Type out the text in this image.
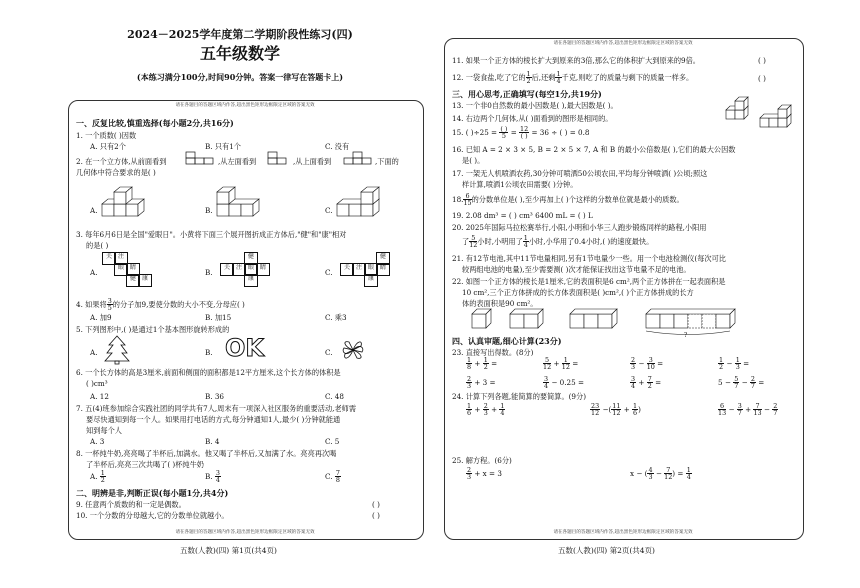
2024－2025学年度第二学期阶段性练习(四)
五年级数学
(本练习满分100分,时间90分钟。答案一律写在答题卡上)
请在各题目的答题区域内作答,超出黑色矩形边框限定区域的答案无效
请在各题目的答题区域内作答,超出黑色矩形边框限定区域的答案无效
一、反复比较,慎重选择(每小题2分,共16分)
1. 一个质数( )因数
A. 只有2个	B. 只有1个	C. 没有
2. 在一个立方体,从前面看到	,从左面看到	,从上面看到	,下面的
几何体中符合要求的是( )
A.	B.	C.
3. 每年6月6日是全国"爱眼日"。小黄将下面三个展开图折成正方体后,"健"和"康"相对
的是( )
A.	B.	C.
关 注
眼 睛
健 康
关 注 眼 睛
健
康
关 注 眼
健
睛
康
4. 如果将 $\frac{3}{5}$ 的分子加9,要使分数的大小不变,分母应( )
A. 加9	B. 加15	C. 乘3
5. 下列图形中,( )是通过1个基本图形旋转形成的
A.	B. OK	C.
6. 一个长方体的高是3厘米,前面和侧面的面积都是12平方厘米,这个长方体的体积是
( )cm³
A. 12	B. 36	C. 48
7. 五(4)班参加综合实践社团的同学共有7人,周末有一项深入社区服务的重要活动,老师需
要尽快通知到每一个人。如果用打电话的方式,每分钟通知1人,最少( )分钟就能通
知到每个人
A. 3	B. 4	C. 5
8. 一杯纯牛奶,亮亮喝了半杯后,加满水。他又喝了半杯后,又加满了水。亮亮再次喝
了半杯后,亮亮三次共喝了( )杯纯牛奶
A. $\frac{1}{2}$	B. $\frac{3}{4}$	C. $\frac{7}{8}$
二、明辨是非,判断正误(每小题1分,共4分)
9. 任意两个质数的和一定是偶数。	( )
10. 一个分数的分母越大,它的分数单位就越小。	( )
五数(人教)(四) 第1页(共4页)
请在各题目的答题区域内作答,超出黑色矩形边框限定区域的答案无效
请在各题目的答题区域内作答,超出黑色矩形边框限定区域的答案无效
11. 如果一个正方体的棱长扩大到原来的3倍,那么它的体积扩大到原来的9倍。	( )
12. 一袋食盐,吃了它的 $\frac{1}{2}$ 后,还剩 $\frac{1}{4}$ 千克,则吃了的质量与剩下的质量一样多。	( )
三、用心思考,正确填写(每空1分,共19分)
13. 一个非0自然数的最小因数是( ),最大因数是( )。
14. 右边两个几何体,从( )面看到的图形是相同的。
15. ( )$\div 25 = \frac{( )}{5} = \frac{12}{( )} = 36$ ÷ ( ) = 0.8
16. 已知 A = 2 × 3 × 5, B = 2 × 5 × 7, A 和 B 的最小公倍数是( ),它们的最大公因数
是( )。
17. 一架无人机喷洒农药,30分钟可喷洒50公顷农田,平均每分钟喷洒( )公顷;照这
样计算,喷洒1公顷农田需要( )分钟。
18. $\frac{6}{15}$ 的分数单位是( ),至少再加上( )个这样的分数单位就是最小的质数。
19. 2.08 dm³ = ( ) cm³ 6400 mL = ( ) L
20. 2025年国际马拉松赛举行,小阳,小明和小华三人跑步锻炼同样的路程,小阳用
了 $\frac{5}{12}$ 小时,小明用了 $\frac{1}{4}$ 小时,小华用了0.4小时,( )的速度最快。
21. 有12节电池,其中11节电量相同,另有1节电量少一些。用一个电池检测仪(每次可比
较两组电池的电量),至少需要测( )次才能保证找出这节电量不足的电池。
22. 如图一个正方体的棱长是1厘米,它的表面积是6 cm²,两个正方体拼在一起表面积是
10 cm²,三个正方体拼成的长方体表面积是( )cm²,( )个正方体拼成的长方
体的表面积是90 cm²。
?
四、认真审题,细心计算(23分)
23. 直接写出得数。(8分)
$\frac{1}{8} + \frac{1}{2}$ =	$\frac{5}{12} + \frac{1}{12}$ =	$\frac{2}{3} - \frac{3}{10}$ =	$\frac{1}{2} - \frac{1}{3}$ =
$\frac{2}{3} + 3$ =	$\frac{3}{4} - 0.25$ =	$\frac{3}{4} + \frac{7}{2}$ =	$5 - \frac{5}{7} - \frac{2}{7}$ =
24. 计算下列各题,能简算的要简算。(9分)
$\frac{1}{6} + \frac{2}{3} + \frac{1}{4}$	$\frac{23}{12}$ −( $\frac{11}{12} + \frac{1}{6}$ )	$\frac{6}{13} - \frac{3}{7} + \frac{7}{13} - \frac{2}{7}$
25. 解方程。(6分)
$\frac{2}{3} + x = 3$	x − ( $\frac{4}{3} - \frac{7}{12}$ ) = $\frac{1}{4}$
五数(人教)(四) 第2页(共4页)
